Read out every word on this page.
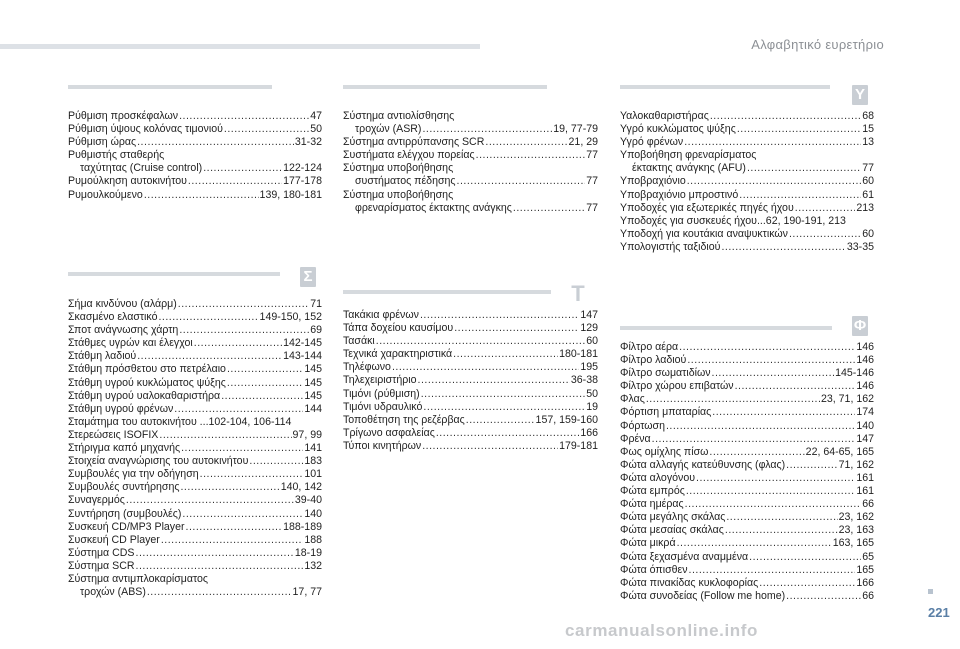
Αλφαβητικό ευρετήριο
Υ
Σ
Τ
Φ
Ρύθμιση προσκέφαλων .....	47
Ρύθμιση ύψους κολόνας τιμονιού .....	50
Ρύθμιση ώρας .....	31-32
Ρυθμιστής σταθερής
ταχύτητας (Cruise control) .....	122-124
Ρυμούλκηση αυτοκινήτου .....	177-178
Ρυμουλκούμενο .....	139, 180-181
Σύστημα αντιολίσθησης
τροχών (ASR) .....	19, 77-79
Σύστημα αντιρρύπανσης SCR .....	21, 29
Συστήματα ελέγχου πορείας .....	77
Σύστημα υποβοήθησης
συστήματος πέδησης .....	77
Σύστημα υποβοήθησης
φρεναρίσματος έκτακτης ανάγκης .....	77
Υαλοκαθαριστήρας .....	68
Υγρό κυκλώματος ψύξης .....	15
Υγρό φρένων .....	13
Υποβοήθηση φρεναρίσματος
έκτακτης ανάγκης (AFU) .....	77
Υποβραχιόνιο .....	60
Υποβραχιόνιο μπροστινό .....	61
Υποδοχές για εξωτερικές πηγές ήχου .....	213
Υποδοχές για συσκευές ήχου...62, 190-191, 213
Υποδοχή για κουτάκια αναψυκτικών .....	60
Υπολογιστής ταξιδιού .....	33-35
Σήμα κινδύνου (αλάρμ) .....	71
Σκασμένο ελαστικό .....	149-150, 152
Σποτ ανάγνωσης χάρτη .....	69
Στάθμες υγρών και έλεγχοι .....	142-145
Στάθμη λαδιού .....	143-144
Στάθμη πρόσθετου στο πετρέλαιο .....	145
Στάθμη υγρού κυκλώματος ψύξης .....	145
Στάθμη υγρού υαλοκαθαριστήρα .....	145
Στάθμη υγρού φρένων .....	144
Σταμάτημα του αυτοκινήτου ...102-104, 106-114
Στερεώσεις ISOFIX .....	97, 99
Στήριγμα καπό μηχανής .....	141
Στοιχεία αναγνώρισης του αυτοκινήτου .....	183
Συμβουλές για την οδήγηση .....	101
Συμβουλές συντήρησης .....	140, 142
Συναγερμός .....	39-40
Συντήρηση (συμβουλές) .....	140
Συσκευή CD/MP3 Player .....	188-189
Συσκευή CD Player .....	188
Σύστημα CDS .....	18-19
Σύστημα SCR .....	132
Σύστημα αντιμπλοκαρίσματος
τροχών (ABS) .....	17, 77
Τακάκια φρένων .....	147
Τάπα δοχείου καυσίμου .....	129
Τασάκι .....	60
Τεχνικά χαρακτηριστικά .....	180-181
Τηλέφωνο .....	195
Τηλεχειριστήριο .....	36-38
Τιμόνι (ρύθμιση) .....	50
Τιμόνι υδραυλικό .....	19
Τοποθέτηση της ρεζέρβας .....	157, 159-160
Τρίγωνο ασφαλείας .....	166
Τύποι κινητήρων .....	179-181
Φίλτρο αέρα .....	146
Φίλτρο λαδιού .....	146
Φίλτρο σωματιδίων .....	145-146
Φίλτρο χώρου επιβατών .....	146
Φλας .....	23, 71, 162
Φόρτιση μπαταρίας .....	174
Φόρτωση .....	140
Φρένα .....	147
Φως ομίχλης πίσω .....	22, 64-65, 165
Φώτα αλλαγής κατεύθυνσης (φλας) .....	71, 162
Φώτα αλογόνου .....	161
Φώτα εμπρός .....	161
Φώτα ημέρας .....	66
Φώτα μεγάλης σκάλας .....	23, 162
Φώτα μεσαίας σκάλας .....	23, 163
Φώτα μικρά .....	163, 165
Φώτα ξεχασμένα αναμμένα .....	65
Φώτα όπισθεν .....	165
Φώτα πινακίδας κυκλοφορίας .....	166
Φώτα συνοδείας (Follow me home) .....	66
221
carmanualsonline.info
